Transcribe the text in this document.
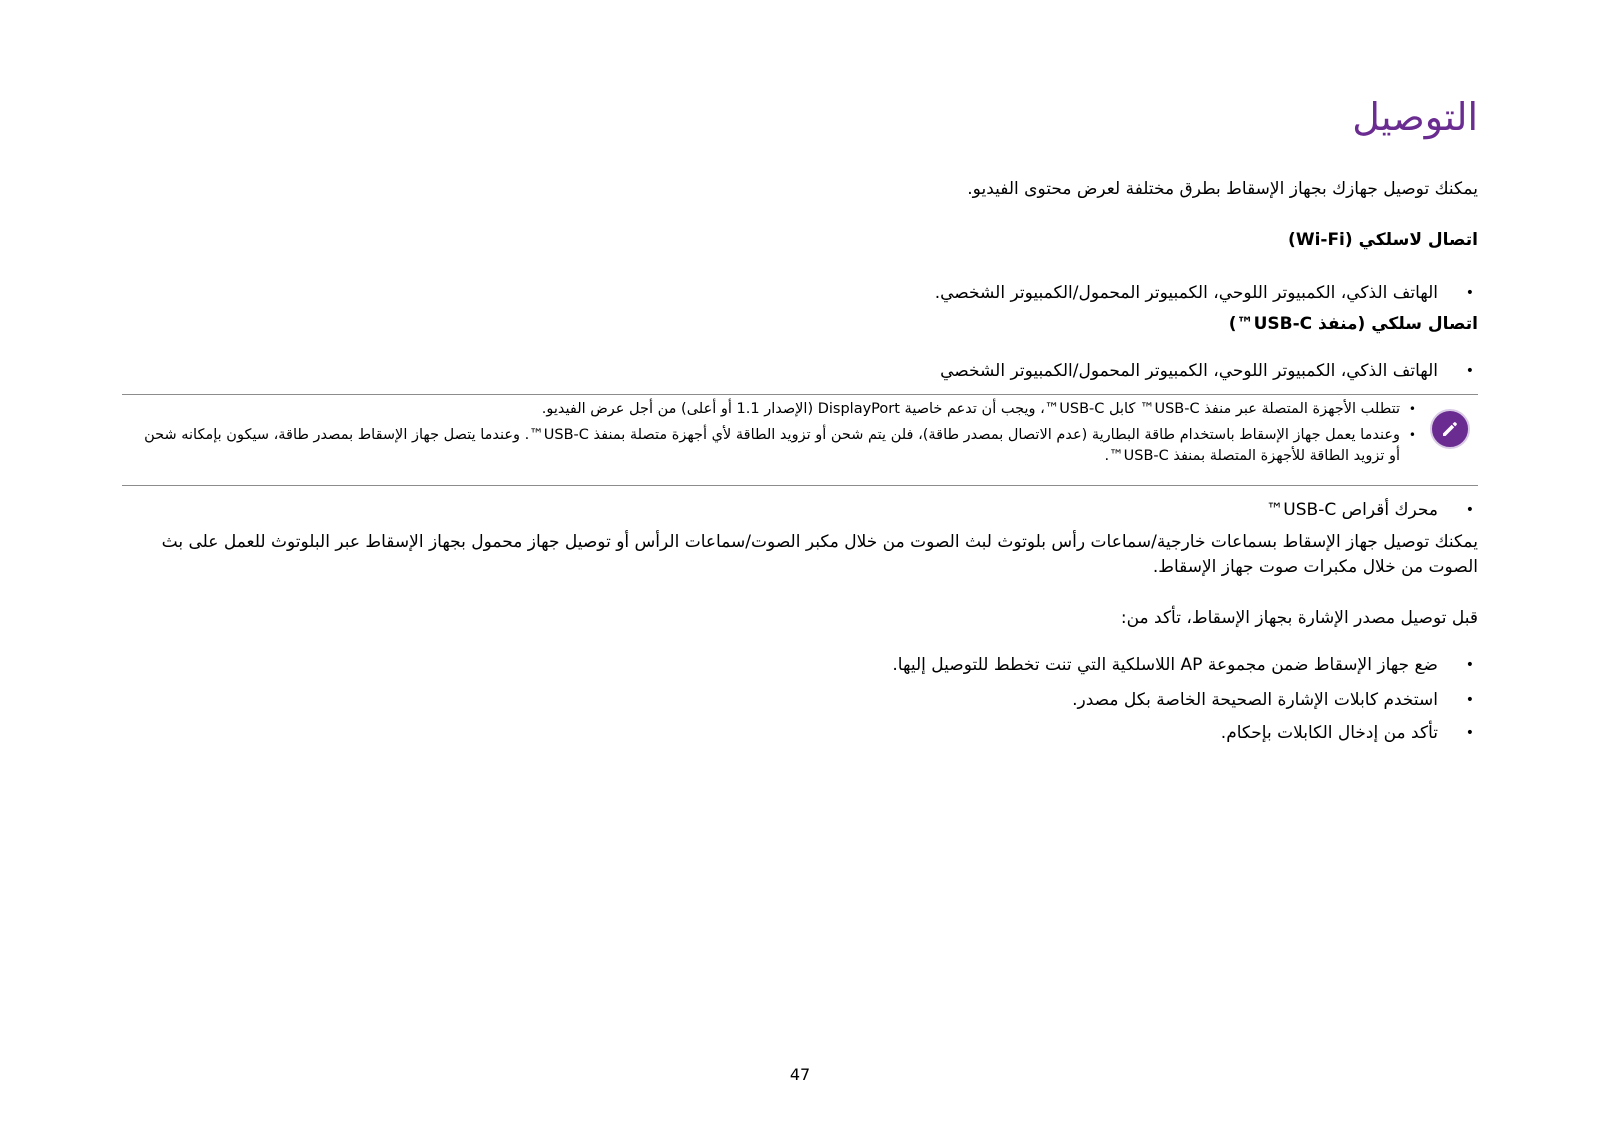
التوصيل

يمكنك توصيل جهازك بجهاز الإسقاط بطرق مختلفة لعرض محتوى الفيديو.

اتصال لاسلكي (Wi-Fi)

•
الهاتف الذكي، الكمبيوتر اللوحي، الكمبيوتر المحمول/الكمبيوتر الشخصي.

اتصال سلكي (منفذ USB-C™)

•
الهاتف الذكي، الكمبيوتر اللوحي، الكمبيوتر المحمول/الكمبيوتر الشخصي

•
تتطلب الأجهزة المتصلة عبر منفذ USB-C™ كابل USB-C™، ويجب أن تدعم خاصية DisplayPort (الإصدار 1.1 أو أعلى) من أجل عرض الفيديو.
•
وعندما يعمل جهاز الإسقاط باستخدام طاقة البطارية (عدم الاتصال بمصدر طاقة)، فلن يتم شحن أو تزويد الطاقة لأي أجهزة متصلة بمنفذ USB-C™. وعندما يتصل جهاز الإسقاط بمصدر طاقة، سيكون بإمكانه شحن
أو تزويد الطاقة للأجهزة المتصلة بمنفذ USB-C™.

•
محرك أقراص USB-C™

يمكنك توصيل جهاز الإسقاط بسماعات خارجية/سماعات رأس بلوتوث لبث الصوت من خلال مكبر الصوت/سماعات الرأس أو توصيل جهاز محمول بجهاز الإسقاط عبر البلوتوث للعمل على بث
الصوت من خلال مكبرات صوت جهاز الإسقاط.

قبل توصيل مصدر الإشارة بجهاز الإسقاط، تأكد من:

•
ضع جهاز الإسقاط ضمن مجموعة AP اللاسلكية التي تنت تخطط للتوصيل إليها.

•
استخدم كابلات الإشارة الصحيحة الخاصة بكل مصدر.

•
تأكد من إدخال الكابلات بإحكام.

47
